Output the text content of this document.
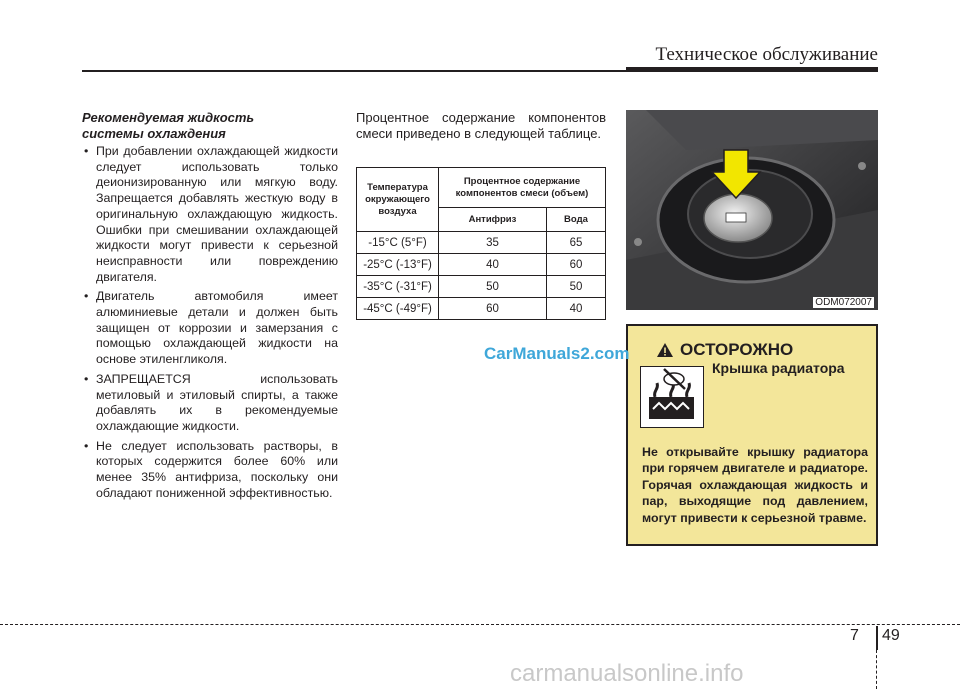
Техническое обслуживание
Рекомендуемая жидкость
системы охлаждения
• При добавлении охлаждающей жидкости следует использовать только деионизированную или мягкую воду. Запрещается добавлять жесткую воду в оригинальную охлаждающую жидкость. Ошибки при смешивании охлаждающей жидкости могут привести к серьезной неисправности или повреждению двигателя.
• Двигатель автомобиля имеет алюминиевые детали и должен быть защищен от коррозии и замерзания с помощью охлаждающей жидкости на основе этиленгликоля.
• ЗАПРЕЩАЕТСЯ использовать метиловый и этиловый спирты, а также добавлять их в рекомендуемые охлаждающие жидкости.
• Не следует использовать растворы, в которых содержится более 60% или менее 35% антифриза, поскольку они обладают пониженной эффективностью.

Процентное содержание компонентов смеси приведено в следующей таблице.

Температура окружающего воздуха	Процентное содержание компонентов смеси (объем)	
	Антифриз	Вода
-15°C (5°F)	35	65
-25°C (-13°F)	40	60
-35°C (-31°F)	50	50
-45°C (-49°F)	60	40	ODM072007
ОСТОРОЖНО
Крышка радиатора
Не открывайте крышку радиатора при горячем двигателе и радиаторе. Горячая охлаждающая жидкость и пар, выходящие под давлением, могут привести к серьезной травме.
CarManuals2.com
7 49
carmanualsonline.info
